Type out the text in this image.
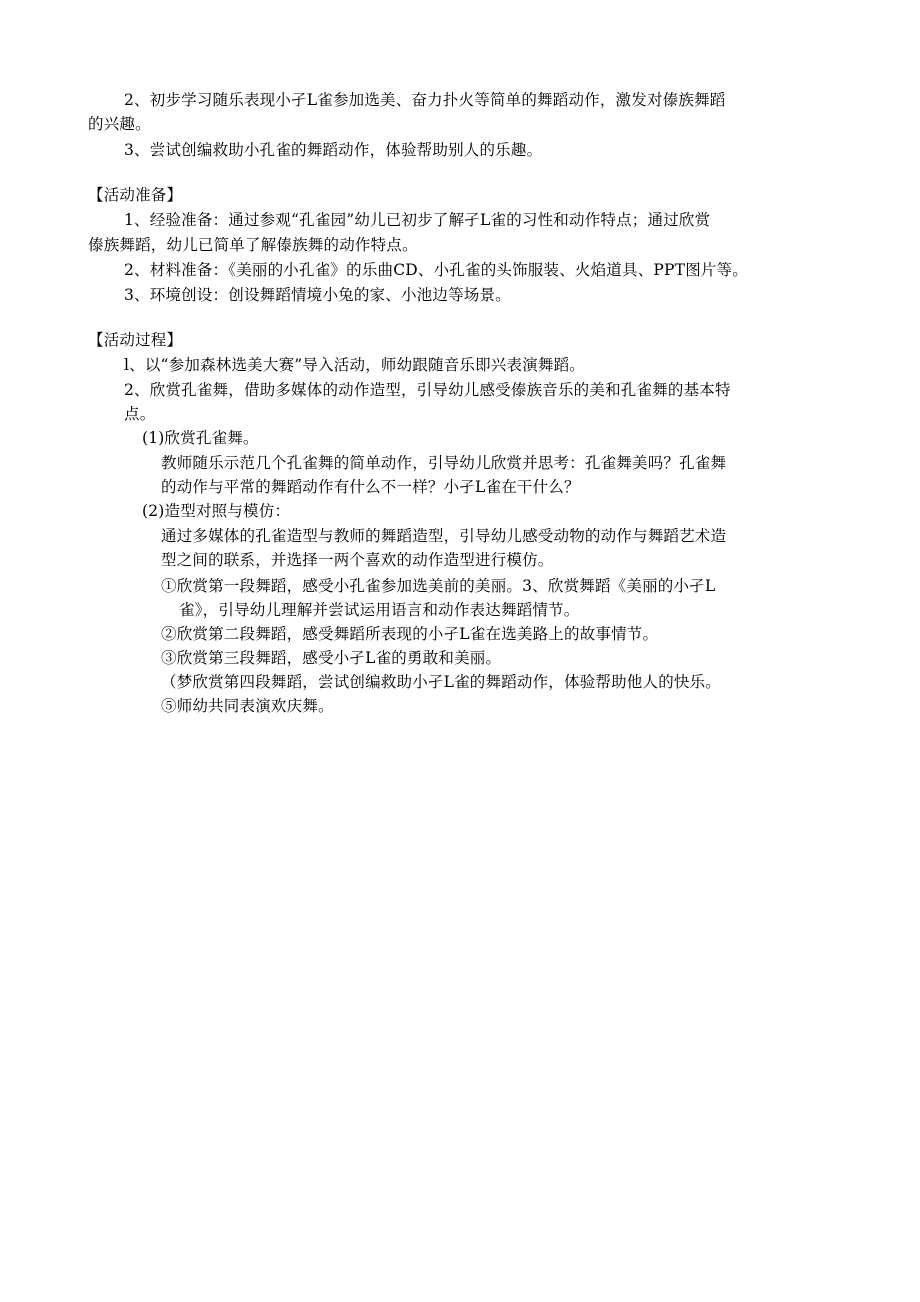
2、初步学习随乐表现小孑L雀参加选美、奋力扑火等简单的舞蹈动作，激发对傣族舞蹈
的兴趣。
3、尝试创编救助小孔雀的舞蹈动作，体验帮助别人的乐趣。
【活动准备】
1、经验准备：通过参观“孔雀园”幼儿已初步了解孑L雀的习性和动作特点；通过欣赏
傣族舞蹈，幼儿已简单了解傣族舞的动作特点。
2、材料准备：《美丽的小孔雀》的乐曲CD、小孔雀的头饰服装、火焰道具、PPT图片等。
3、环境创设：创设舞蹈情境小兔的家、小池边等场景。
【活动过程】
l、以“参加森林选美大赛”导入活动，师幼跟随音乐即兴表演舞蹈。
2、欣赏孔雀舞，借助多媒体的动作造型，引导幼儿感受傣族音乐的美和孔雀舞的基本特
点。
(1)欣赏孔雀舞。
教师随乐示范几个孔雀舞的简单动作，引导幼儿欣赏并思考：孔雀舞美吗？孔雀舞
的动作与平常的舞蹈动作有什么不一样？小孑L雀在干什么？
(2)造型对照与模仿：
通过多媒体的孔雀造型与教师的舞蹈造型，引导幼儿感受动物的动作与舞蹈艺术造
型之间的联系，并选择一两个喜欢的动作造型进行模仿。
①欣赏第一段舞蹈，感受小孔雀参加选美前的美丽。3、欣赏舞蹈《美丽的小孑L
雀》，引导幼儿理解并尝试运用语言和动作表达舞蹈情节。
②欣赏第二段舞蹈，感受舞蹈所表现的小孑L雀在选美路上的故事情节。
③欣赏第三段舞蹈，感受小孑L雀的勇敢和美丽。
（梦欣赏第四段舞蹈，尝试创编救助小孑L雀的舞蹈动作，体验帮助他人的快乐。
⑤师幼共同表演欢庆舞。
